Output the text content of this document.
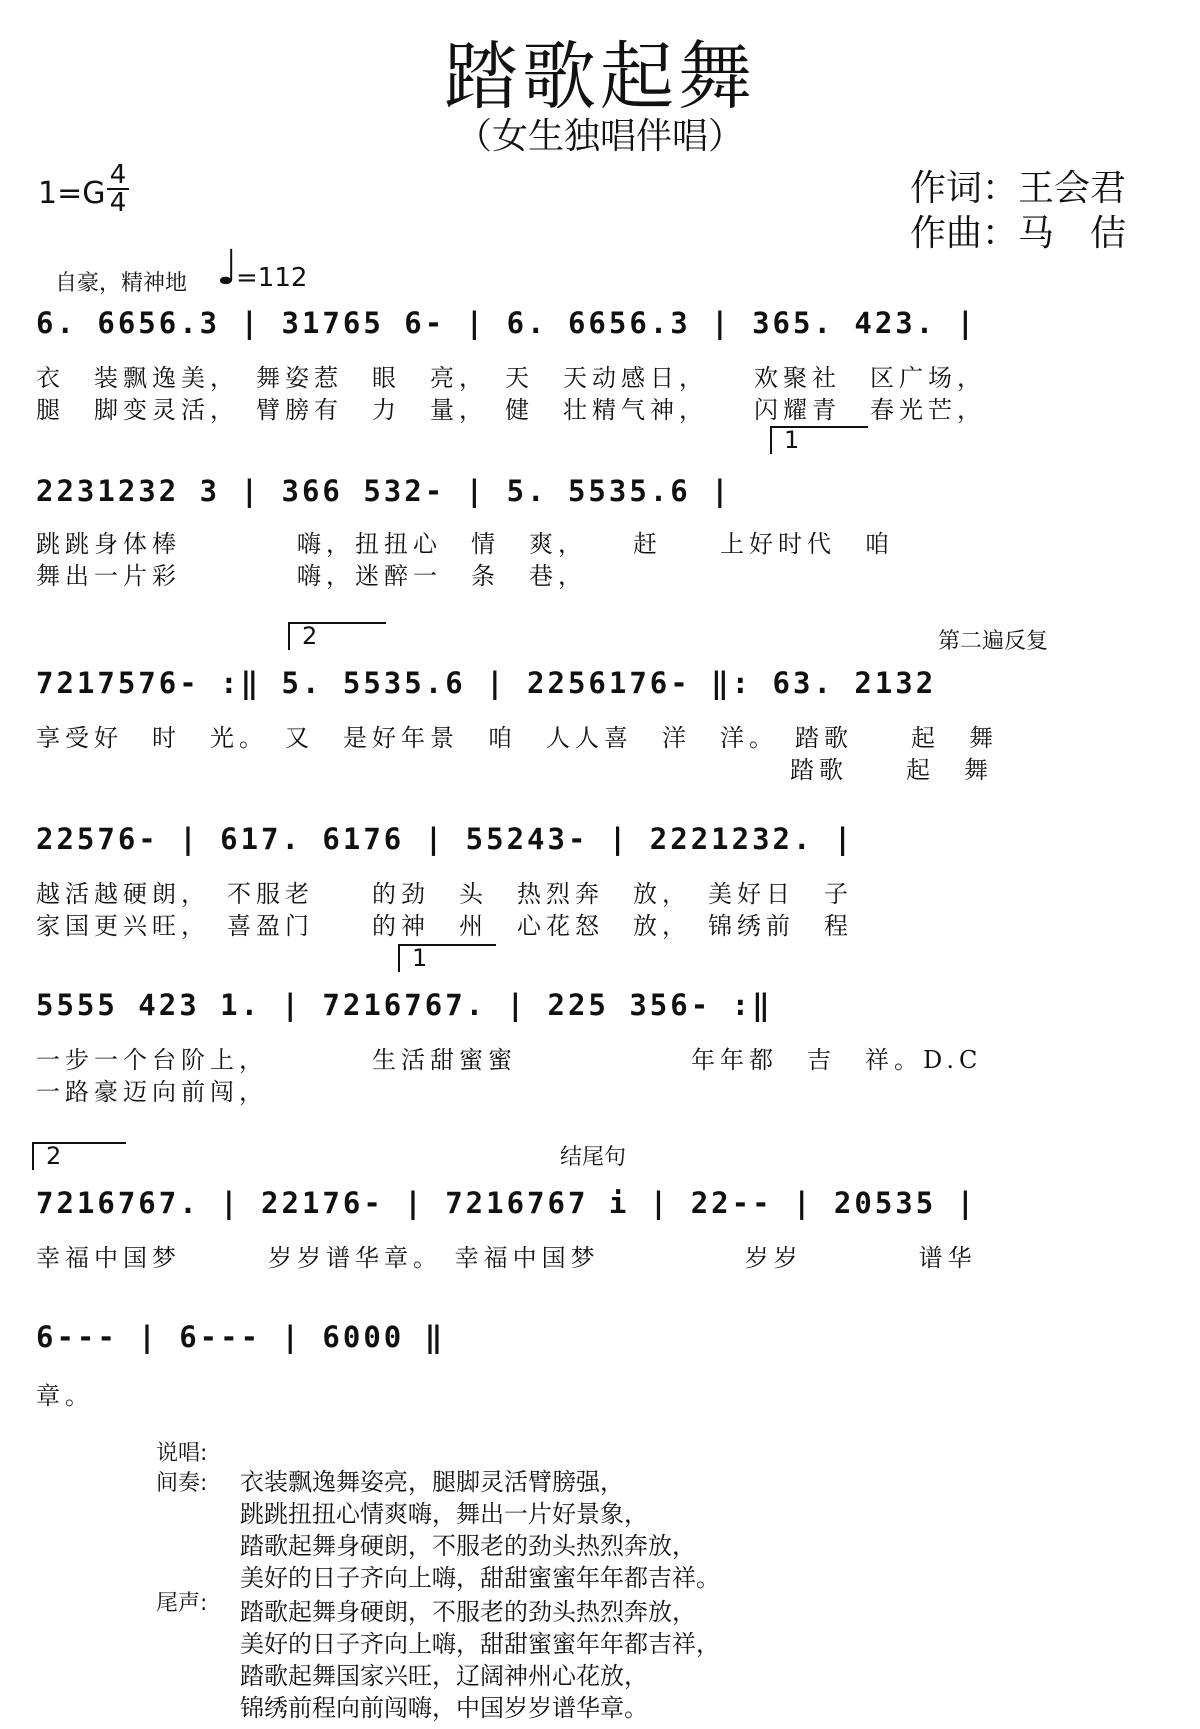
踏歌起舞
（女生独唱伴唱）
1=G
4
4	作词：王会君
作曲：马　佶
自豪，精神地 ♩
=112
6. 6656.3 | 31765 6- | 6. 6656.3 | 365. 423. |
衣　装飘逸美，　舞姿惹　眼　亮，　天　天动感日，　　欢聚社　区广场，
腿　脚变灵活，　臂膀有　力　量，　健　壮精气神，　　闪耀青　春光芒，
1
2231232 3 | 366 532- | 5. 5535.6 |
跳跳身体棒　　　　嗨，扭扭心　情　爽，　　赶　　上好时代　咱
舞出一片彩　　　　嗨，迷醉一　条　巷，
2	第二遍反复
7217576- :‖ 5. 5535.6 | 2256176- ‖: 63. 2132
享受好　时　光。　又　是好年景　咱　人人喜　洋　洋。　踏歌　　起　舞
　　　　　　　　　　　　　　　　　　　　　　　　　　踏歌　　起　舞
22576- | 617. 6176 | 55243- | 2221232. |
越活越硬朗，　不服老　　的劲　头　热烈奔　放，　美好日　子
家国更兴旺，　喜盈门　　的神　州　心花怒　放，　锦绣前　程
1
5555 423 1. | 7216767. | 225 356- :‖
一步一个台阶上，　　　　生活甜蜜蜜　　　　　　年年都　吉　祥。D.C
一路豪迈向前闯，
2	结尾句
7216767. | 22176- | 7216767 i | 22-- | 20535 |
幸福中国梦　　　岁岁谱华章。 幸福中国梦　　　　　岁岁　　　　谱华
6--- | 6--- | 6000 ‖
章。
说唱:
间奏: 衣装飘逸舞姿亮，腿脚灵活臂膀强，
跳跳扭扭心情爽嗨，舞出一片好景象，
踏歌起舞身硬朗，不服老的劲头热烈奔放，
美好的日子齐向上嗨，甜甜蜜蜜年年都吉祥。
尾声: 踏歌起舞身硬朗，不服老的劲头热烈奔放，
美好的日子齐向上嗨，甜甜蜜蜜年年都吉祥，
踏歌起舞国家兴旺，辽阔神州心花放，
锦绣前程向前闯嗨，中国岁岁谱华章。
